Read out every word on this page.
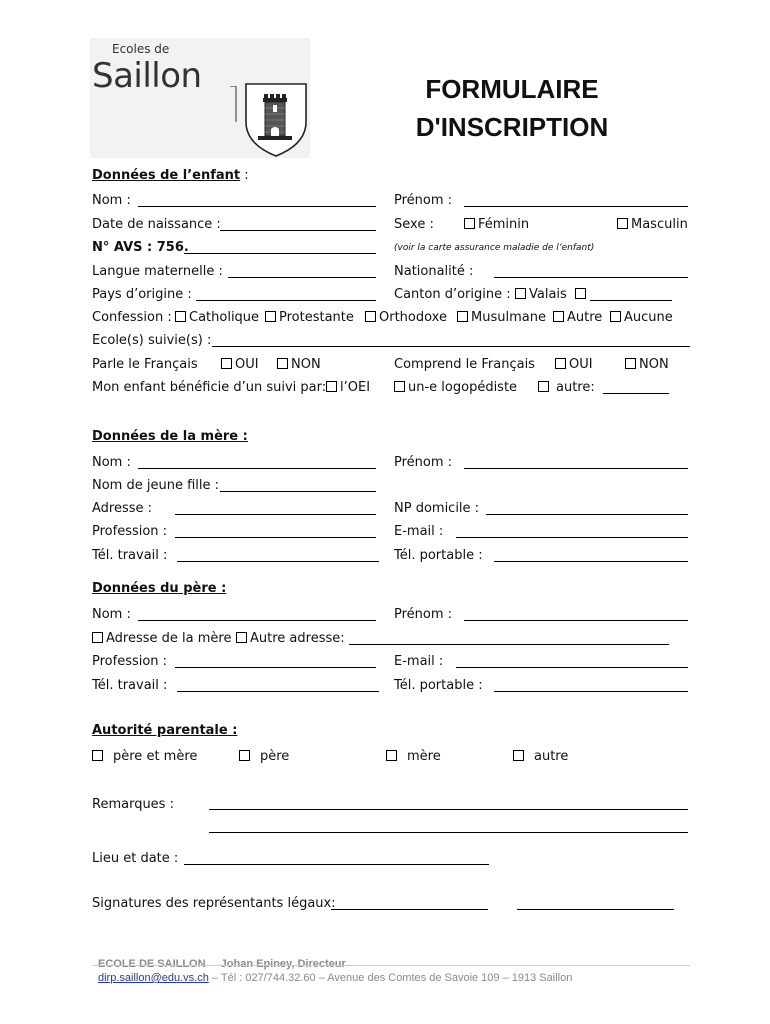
Ecoles de
Saillon	FORMULAIRE
D'INSCRIPTION
Données de l’enfant :
Nom :	Prénom :
Date de naissance :	Sexe :	Féminin	Masculin
N° AVS : 756.	(voir la carte assurance maladie de l’enfant)
Langue maternelle :	Nationalité :
Pays d’origine :	Canton d’origine :	Valais
Confession :	Catholique	Protestante	Orthodoxe	Musulmane	Autre	Aucune
Ecole(s) suivie(s) :
Parle le Français	OUI	NON	Comprend le Français	OUI	NON
Mon enfant bénéficie d’un suivi par:	l’OEI	un-e logopédiste	autre:
Données de la mère :
Nom :	Prénom :
Nom de jeune fille :
Adresse :	NP domicile :
Profession :	E-mail :
Tél. travail :	Tél. portable :
Données du père :
Nom :	Prénom :
Adresse de la mère	Autre adresse:
Profession :	E-mail :
Tél. travail :	Tél. portable :
Autorité parentale :
père et mère	père	mère	autre
Remarques :
Lieu et date :
Signatures des représentants légaux:
ECOLE DE SAILLON Johan Epiney, Directeur
dirp.saillon@edu.vs.ch – Tél : 027/744.32.60 – Avenue des Comtes de Savoie 109 – 1913 Saillon
